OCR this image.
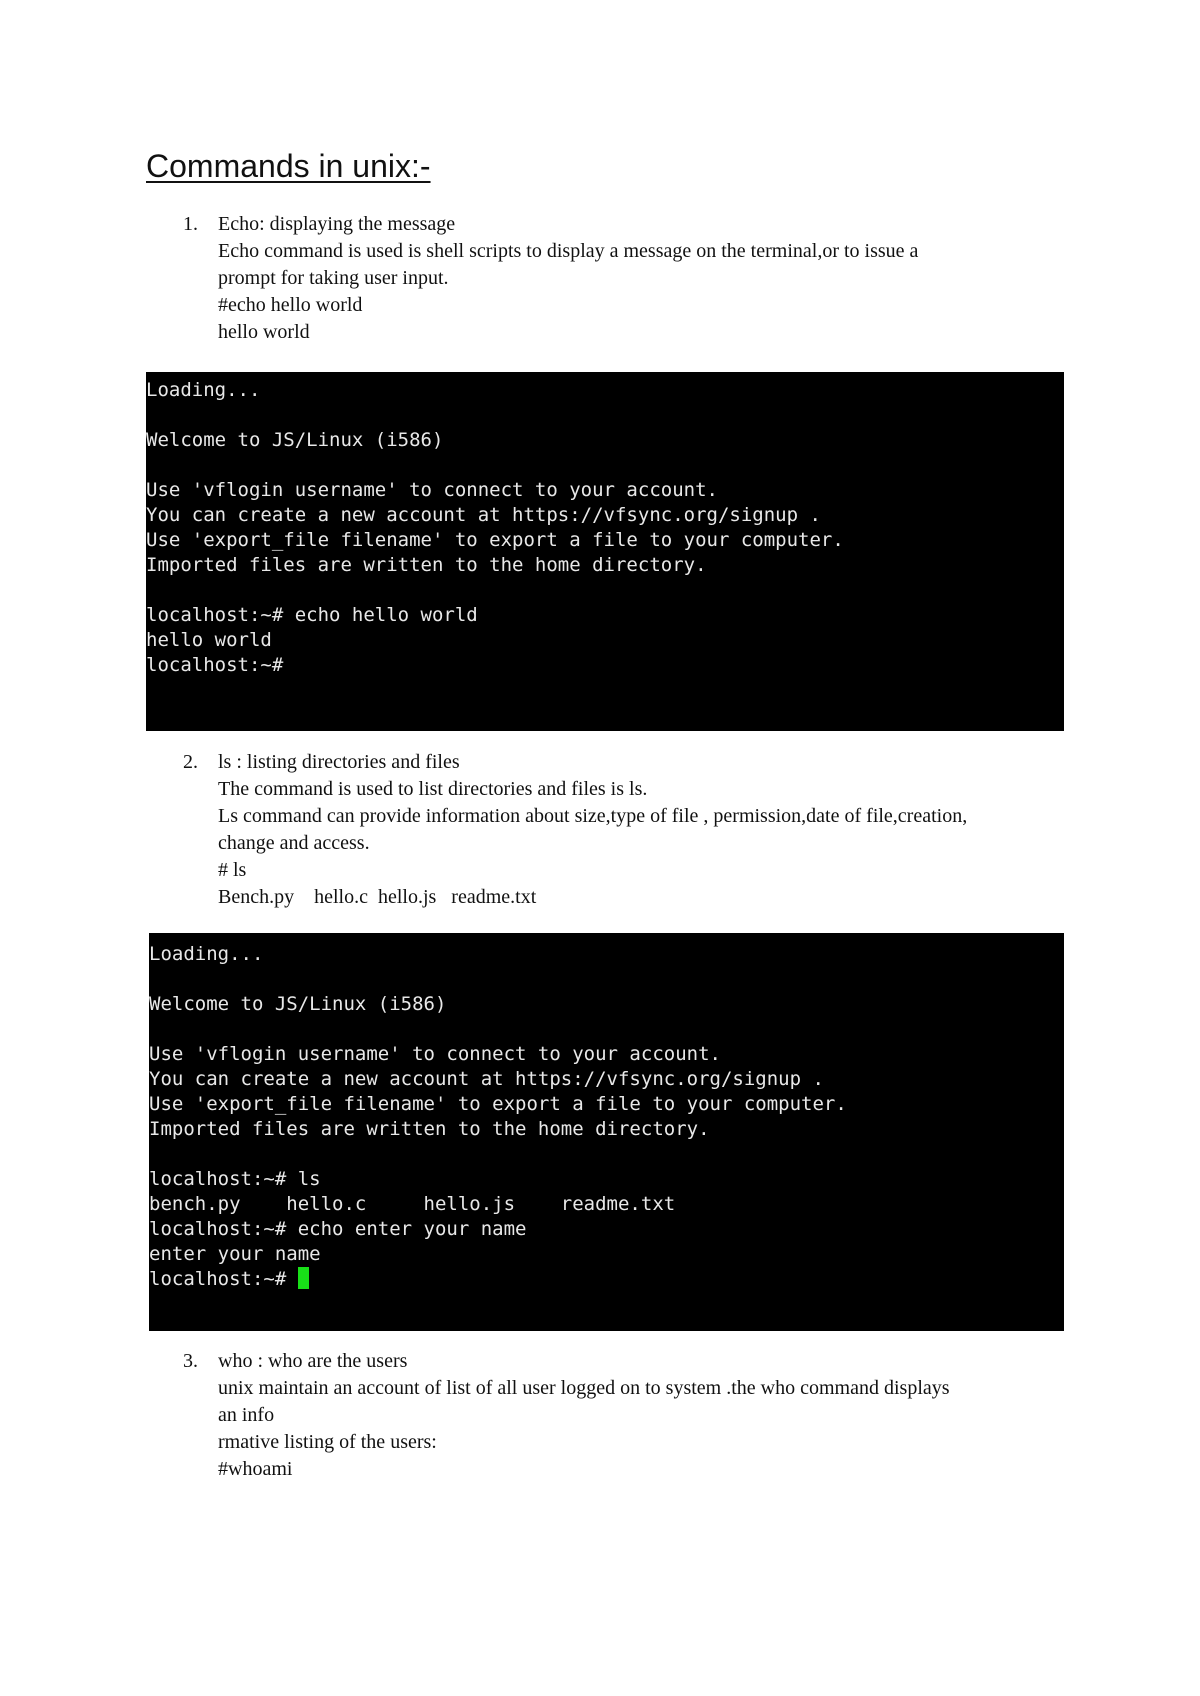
Commands in unix:-
1. Echo: displaying the message
Echo command is used is shell scripts to display a message on the terminal,or to issue a
prompt for taking user input.
#echo hello world
hello world
Loading...
Welcome to JS/Linux (i586)
Use 'vflogin username' to connect to your account.
You can create a new account at https://vfsync.org/signup .
Use 'export_file filename' to export a file to your computer.
Imported files are written to the home directory.
localhost:~# echo hello world
hello world
localhost:~#
2. ls : listing directories and files
The command is used to list directories and files is ls.
Ls command can provide information about size,type of file , permission,date of file,creation,
change and access.
# ls
Bench.py    hello.c  hello.js   readme.txt
Loading...
Welcome to JS/Linux (i586)
Use 'vflogin username' to connect to your account.
You can create a new account at https://vfsync.org/signup .
Use 'export_file filename' to export a file to your computer.
Imported files are written to the home directory.
localhost:~# ls
bench.py    hello.c     hello.js    readme.txt
localhost:~# echo enter your name
enter your name
localhost:~#
3. who : who are the users
unix maintain an account of list of all user logged on to system .the who command displays
an info
rmative listing of the users:
#whoami
